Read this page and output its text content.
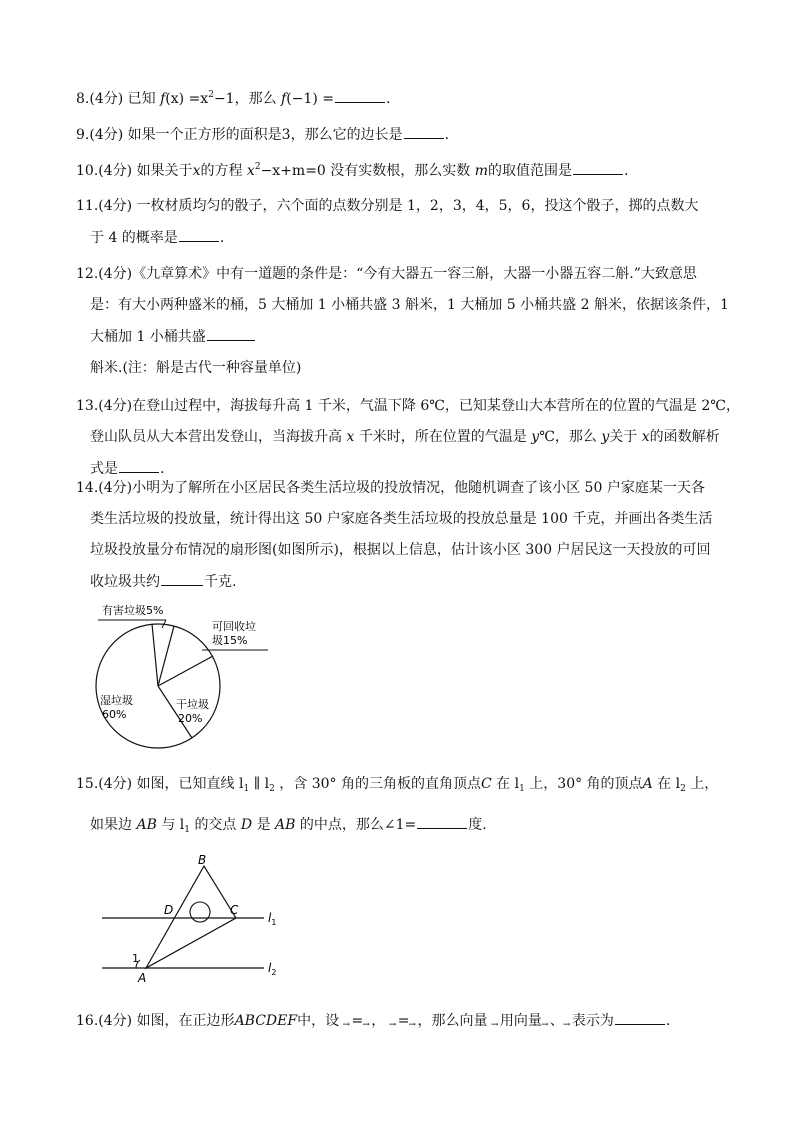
8.(4分) 已知 $f(x) =x^2-1$，那么 f(−1) =	.
9.(4分) 如果一个正方形的面积是3，那么它的边长是	.
10.(4分) 如果关于x的方程 $x^2-x+m=0$ 没有实数根，那么实数 m的取值范围是	.
11.(4分) 一枚材质均匀的骰子，六个面的点数分别是 1，2，3，4，5，6，投这个骰子，掷的点数大
于 4 的概率是	.
12.(4分)《九章算术》中有一道题的条件是：“今有大器五一容三斛，大器一小器五容二斛.”大致意思
是：有大小两种盛米的桶，5 大桶加 1 小桶共盛 3 斛米，1 大桶加 5 小桶共盛 2 斛米，依据该条件，1
大桶加 1 小桶共盛
斛米.(注：斛是古代一种容量单位)
13.(4分)在登山过程中，海拔每升高 1 千米，气温下降 6℃，已知某登山大本营所在的位置的气温是 2℃，
登山队员从大本营出发登山，当海拔升高 x 千米时，所在位置的气温是 y℃，那么 y关于 x的函数解析
式是	.
14.(4分)小明为了解所在小区居民各类生活垃圾的投放情况，他随机调查了该小区 50 户家庭某一天各
类生活垃圾的投放量，统计得出这 50 户家庭各类生活垃圾的投放总量是 100 千克，并画出各类生活
垃圾投放量分布情况的扇形图(如图所示)，根据以上信息，估计该小区 300 户居民这一天投放的可回
收垃圾共约	千克.
有害垃圾5%
可回收垃
圾15%
湿垃圾
60%
干垃圾
20%
15.(4分) 如图，已知直线 $l_1$ ∥ $l_2$ ，含 30° 角的三角板的直角顶点C 在 $l_1$ 上，30° 角的顶点A 在 $l_2$ 上，
如果边 AB 与 $l_1$ 的交点 D 是 AB 的中点，那么∠1=	度.
B
D	C
A
1
$l_1$
$l_2$
16.(4分) 如图，在正边形ABCDEF中，设 = ， = ，那么向量 用向量 、 表示为	.
